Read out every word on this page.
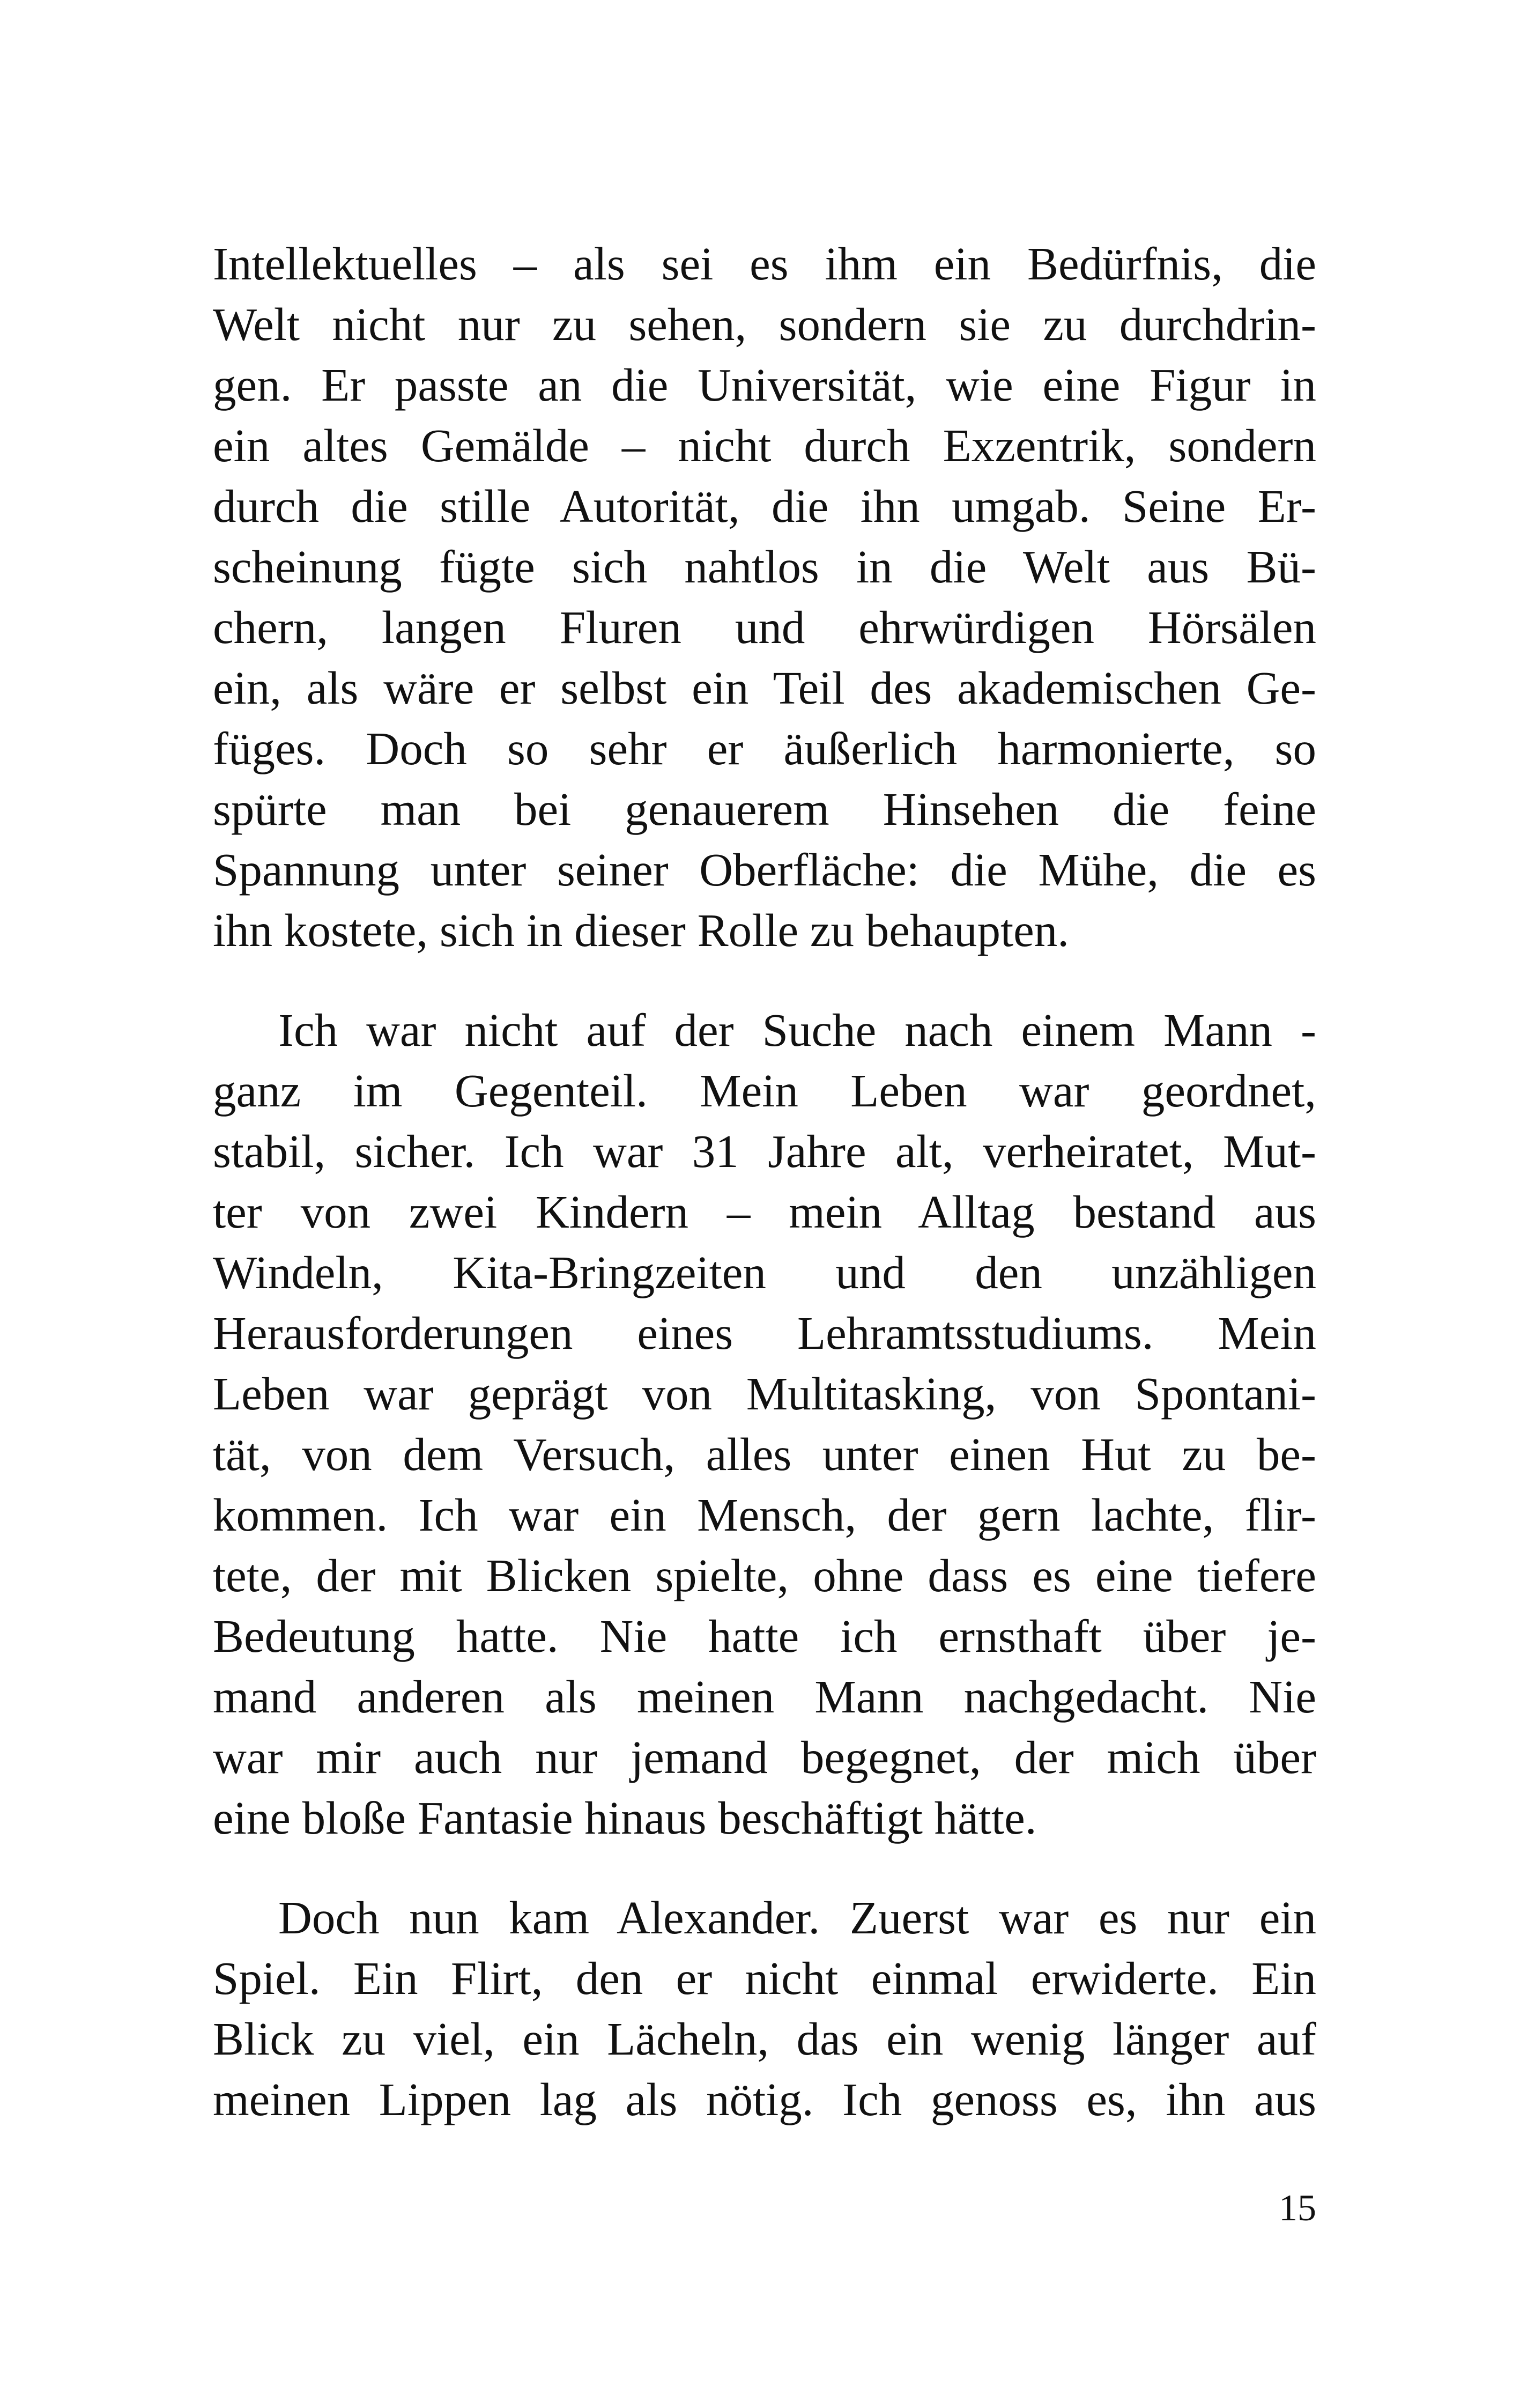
Intellektuelles – als sei es ihm ein Bedürfnis, die
Welt nicht nur zu sehen, sondern sie zu durchdrin-
gen. Er passte an die Universität, wie eine Figur in
ein altes Gemälde – nicht durch Exzentrik, sondern
durch die stille Autorität, die ihn umgab. Seine Er-
scheinung fügte sich nahtlos in die Welt aus Bü-
chern, langen Fluren und ehrwürdigen Hörsälen
ein, als wäre er selbst ein Teil des akademischen Ge-
füges. Doch so sehr er äußerlich harmonierte, so
spürte man bei genauerem Hinsehen die feine
Spannung unter seiner Oberfläche: die Mühe, die es
ihn kostete, sich in dieser Rolle zu behaupten.
Ich war nicht auf der Suche nach einem Mann -
ganz im Gegenteil. Mein Leben war geordnet,
stabil, sicher. Ich war 31 Jahre alt, verheiratet, Mut-
ter von zwei Kindern – mein Alltag bestand aus
Windeln, Kita-Bringzeiten und den unzähligen
Herausforderungen eines Lehramtsstudiums. Mein
Leben war geprägt von Multitasking, von Spontani-
tät, von dem Versuch, alles unter einen Hut zu be-
kommen. Ich war ein Mensch, der gern lachte, flir-
tete, der mit Blicken spielte, ohne dass es eine tiefere
Bedeutung hatte. Nie hatte ich ernsthaft über je-
mand anderen als meinen Mann nachgedacht. Nie
war mir auch nur jemand begegnet, der mich über
eine bloße Fantasie hinaus beschäftigt hätte.
Doch nun kam Alexander. Zuerst war es nur ein
Spiel. Ein Flirt, den er nicht einmal erwiderte. Ein
Blick zu viel, ein Lächeln, das ein wenig länger auf
meinen Lippen lag als nötig. Ich genoss es, ihn aus
15
